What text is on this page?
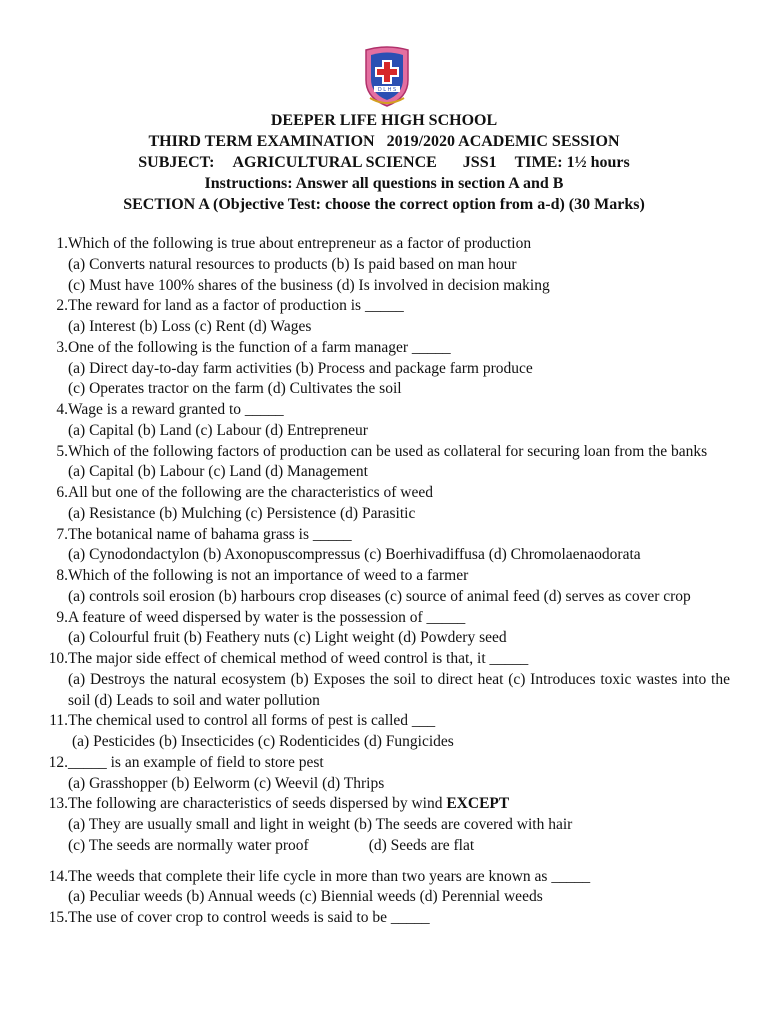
D L H S
DEEPER LIFE HIGH SCHOOL
THIRD TERM EXAMINATION 2019/2020 ACADEMIC SESSION
SUBJECT: AGRICULTURAL SCIENCE JSS1 TIME: 1½ hours
Instructions: Answer all questions in section A and B
SECTION A (Objective Test: choose the correct option from a-d) (30 Marks)
1. Which of the following is true about entrepreneur as a factor of production
(a) Converts natural resources to products (b) Is paid based on man hour
(c) Must have 100% shares of the business (d) Is involved in decision making
2. The reward for land as a factor of production is _____
(a) Interest (b) Loss (c) Rent (d) Wages
3. One of the following is the function of a farm manager _____
(a) Direct day-to-day farm activities (b) Process and package farm produce
(c) Operates tractor on the farm (d) Cultivates the soil
4. Wage is a reward granted to _____
(a) Capital (b) Land (c) Labour (d) Entrepreneur
5. Which of the following factors of production can be used as collateral for securing loan from the banks
(a) Capital (b) Labour (c) Land (d) Management
6. All but one of the following are the characteristics of weed
(a) Resistance (b) Mulching (c) Persistence (d) Parasitic
7. The botanical name of bahama grass is _____
(a) Cynodondactylon (b) Axonopuscompressus (c) Boerhivadiffusa (d) Chromolaenaodorata
8. Which of the following is not an importance of weed to a farmer
(a) controls soil erosion (b) harbours crop diseases (c) source of animal feed (d) serves as cover crop
9. A feature of weed dispersed by water is the possession of _____
(a) Colourful fruit (b) Feathery nuts (c) Light weight (d) Powdery seed
10. The major side effect of chemical method of weed control is that, it _____
(a) Destroys the natural ecosystem (b) Exposes the soil to direct heat (c) Introduces toxic wastes into the soil (d) Leads to soil and water pollution
11. The chemical used to control all forms of pest is called ___
(a) Pesticides (b) Insecticides (c) Rodenticides (d) Fungicides
12. _____ is an example of field to store pest
(a) Grasshopper (b) Eelworm (c) Weevil (d) Thrips
13. The following are characteristics of seeds dispersed by wind EXCEPT
(a) They are usually small and light in weight (b) The seeds are covered with hair
(c) The seeds are normally water proof	(d) Seeds are flat
14. The weeds that complete their life cycle in more than two years are known as _____
(a) Peculiar weeds (b) Annual weeds (c) Biennial weeds (d) Perennial weeds
15. The use of cover crop to control weeds is said to be _____
